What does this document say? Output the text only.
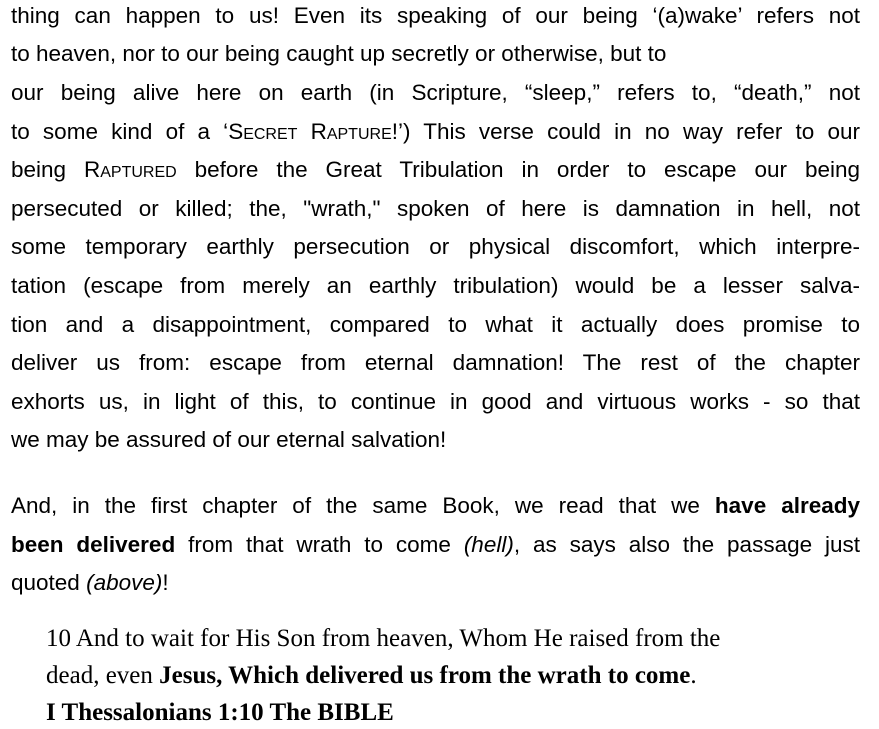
thing can happen to us! Even its speaking of our being ‘(a)wake’ refers not
to heaven, nor to our being caught up secretly or otherwise, but to
our being alive here on earth (in Scripture, “sleep,” refers to, “death,” not
to some kind of a ‘Secret Rapture!’) This verse could in no way refer to our
being Raptured before the Great Tribulation in order to escape our being
persecuted or killed; the, "wrath," spoken of here is damnation in hell, not
some temporary earthly persecution or physical discomfort, which interpre-
tation (escape from merely an earthly tribulation) would be a lesser salva-
tion and a disappointment, compared to what it actually does promise to
deliver us from: escape from eternal damnation! The rest of the chapter
exhorts us, in light of this, to continue in good and virtuous works - so that
we may be assured of our eternal salvation!
And, in the first chapter of the same Book, we read that we have already
been delivered from that wrath to come (hell), as says also the passage just
quoted (above)!
10 And to wait for His Son from heaven, Whom He raised from the
dead, even Jesus, Which delivered us from the wrath to come.
I Thessalonians 1:10 The BIBLE
